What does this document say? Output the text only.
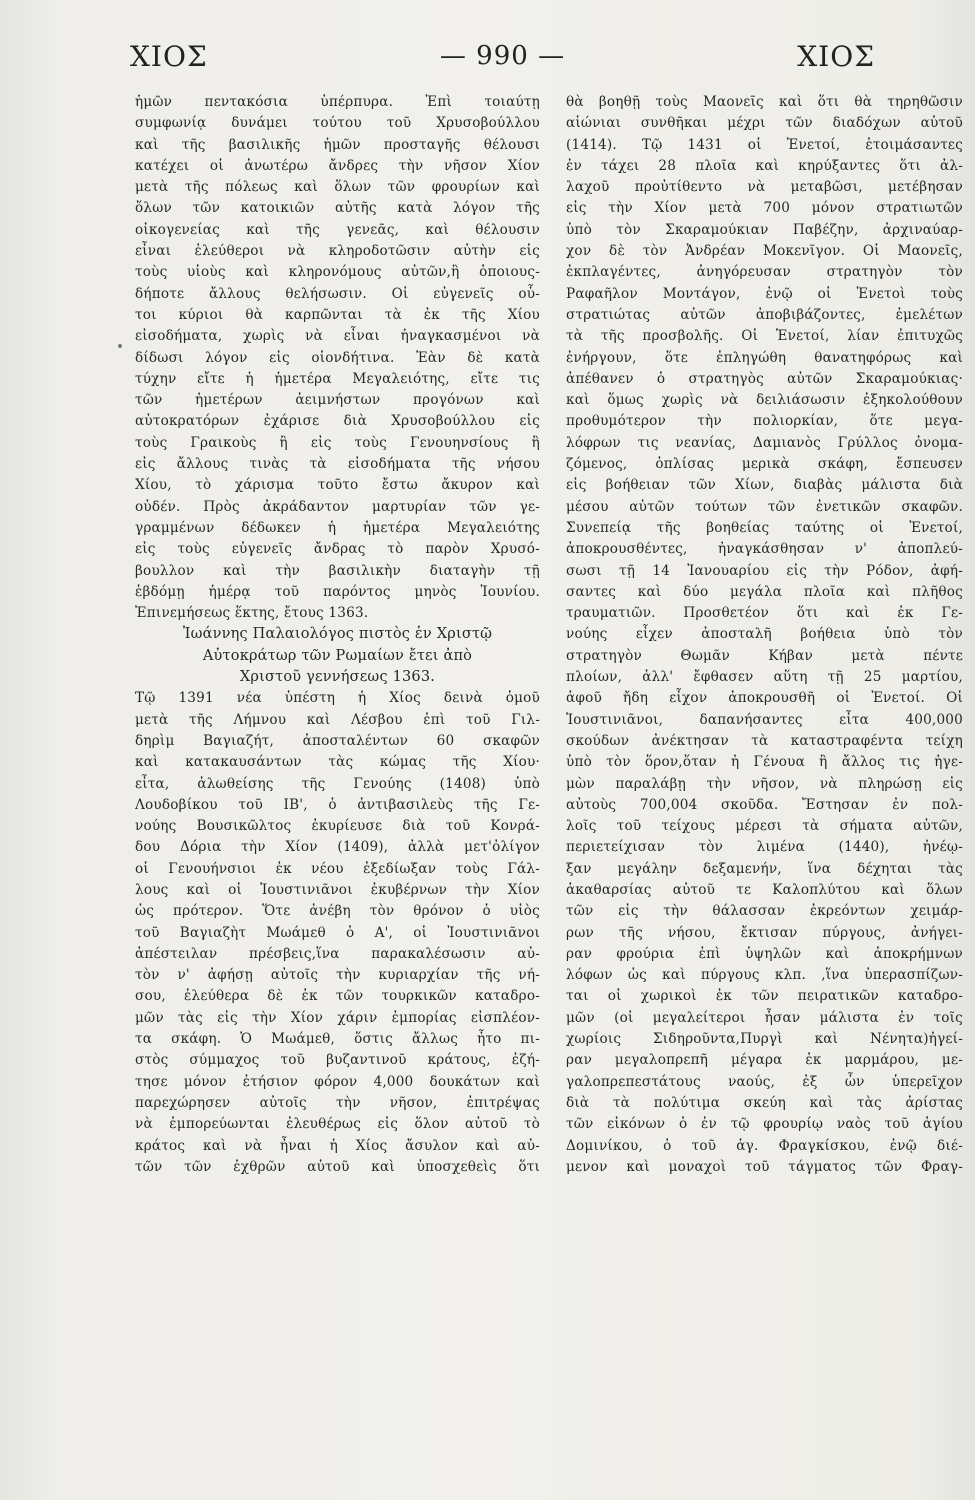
ΧΙΟΣ	— 990 —	ΧΙΟΣ
ἡμῶν πεντακόσια ὑπέρπυρα. Ἐπὶ τοιαύτῃ
συμφωνίᾳ δυνάμει τούτου τοῦ Χρυσοβούλλου
καὶ τῆς βασιλικῆς ἡμῶν προσταγῆς θέλουσι
κατέχει οἱ ἀνωτέρω ἄνδρες τὴν νῆσον Χίον
μετὰ τῆς πόλεως καὶ ὅλων τῶν φρουρίων καὶ
ὅλων τῶν κατοικιῶν αὐτῆς κατὰ λόγον τῆς
οἰκογενείας καὶ τῆς γενεᾶς, καὶ θέλουσιν
εἶναι ἐλεύθεροι νὰ κληροδοτῶσιν αὐτὴν εἰς
τοὺς υἱοὺς καὶ κληρονόμους αὐτῶν,ἢ ὁποιους-
δήποτε ἄλλους θελήσωσιν. Οἱ εὐγενεῖς οὗ-
τοι κύριοι θὰ καρπῶνται τὰ ἐκ τῆς Χίου
εἰσοδήματα, χωρὶς νὰ εἶναι ἠναγκασμένοι νὰ
δίδωσι λόγον εἰς οἱονδήτινα. Ἐὰν δὲ κατὰ
τύχην εἴτε ἡ ἡμετέρα Μεγαλειότης, εἴτε τις
τῶν ἡμετέρων ἀειμνήστων προγόνων καὶ
αὐτοκρατόρων ἐχάρισε διὰ Χρυσοβούλλου εἰς
τοὺς Γραικοὺς ἢ εἰς τοὺς Γενουηνσίους ἢ
εἰς ἄλλους τινὰς τὰ εἰσοδήματα τῆς νήσου
Χίου, τὸ χάρισμα τοῦτο ἔστω ἄκυρον καὶ
οὐδέν. Πρὸς ἀκράδαντον μαρτυρίαν τῶν γε-
γραμμένων δέδωκεν ἡ ἡμετέρα Μεγαλειότης
εἰς τοὺς εὐγενεῖς ἄνδρας τὸ παρὸν Χρυσό-
βουλλον καὶ τὴν βασιλικὴν διαταγὴν τῇ
ἑβδόμῃ ἡμέρᾳ τοῦ παρόντος μηνὸς Ἰουνίου.
Ἐπινεμήσεως ἕκτης, ἔτους 1363.
Ἰωάννης Παλαιολόγος πιστὸς ἐν Χριστῷ
Αὐτοκράτωρ τῶν Ρωμαίων ἔτει ἀπὸ
Χριστοῦ γεννήσεως 1363.
Τῷ 1391 νέα ὑπέστη ἡ Χίος δεινὰ ὁμοῦ
μετὰ τῆς Λήμνου καὶ Λέσβου ἐπὶ τοῦ Γιλ-
δηρὶμ Βαγιαζήτ, ἀποσταλέντων 60 σκαφῶν
καὶ κατακαυσάντων τὰς κώμας τῆς Χίου·
εἶτα, ἁλωθείσης τῆς Γενούης (1408) ὑπὸ
Λουδοβίκου τοῦ ΙΒ', ὁ ἀντιβασιλεὺς τῆς Γε-
νούης Βουσικῶλτος ἐκυρίευσε διὰ τοῦ Κονρά-
δου Δόρια τὴν Χίον (1409), ἀλλὰ μετ'ὀλίγον
οἱ Γενουήνσιοι ἐκ νέου ἐξεδίωξαν τοὺς Γάλ-
λους καὶ οἱ Ἰουστινιᾶνοι ἐκυβέρνων τὴν Χίον
ὡς πρότερον. Ὅτε ἀνέβη τὸν θρόνον ὁ υἱὸς
τοῦ Βαγιαζὴτ Μωάμεθ ὁ Α', οἱ Ἰουστινιᾶνοι
ἀπέστειλαν πρέσβεις,ἵνα παρακαλέσωσιν αὐ-
τὸν ν' ἀφήσῃ αὐτοῖς τὴν κυριαρχίαν τῆς νή-
σου, ἐλεύθερα δὲ ἐκ τῶν τουρκικῶν καταδρο-
μῶν τὰς εἰς τὴν Χίον χάριν ἐμπορίας εἰσπλέον-
τα σκάφη. Ὁ Μωάμεθ, ὅστις ἄλλως ἦτο πι-
στὸς σύμμαχος τοῦ βυζαντινοῦ κράτους, ἐζή-
τησε μόνον ἐτήσιον φόρον 4,000 δουκάτων καὶ
παρεχώρησεν αὐτοῖς τὴν νῆσον, ἐπιτρέψας
νὰ ἐμπορεύωνται ἐλευθέρως εἰς ὅλον αὐτοῦ τὸ
κράτος καὶ νὰ ἦναι ἡ Χίος ἄσυλον καὶ αὐ-
τῶν τῶν ἐχθρῶν αὐτοῦ καὶ ὑποσχεθεὶς ὅτι
θὰ βοηθῇ τοὺς Μαονεῖς καὶ ὅτι θὰ τηρηθῶσιν
αἰώνιαι συνθῆκαι μέχρι τῶν διαδόχων αὐτοῦ
(1414). Τῷ 1431 οἱ Ἐνετοί, ἑτοιμάσαντες
ἐν τάχει 28 πλοῖα καὶ κηρύξαντες ὅτι ἀλ-
λαχοῦ προὐτίθεντο νὰ μεταβῶσι, μετέβησαν
εἰς τὴν Χίον μετὰ 700 μόνον στρατιωτῶν
ὑπὸ τὸν Σκαραμούκιαν Παβέζην, ἀρχιναύαρ-
χον δὲ τὸν Ἀνδρέαν Μοκενῖγον. Οἱ Μαονεῖς,
ἐκπλαγέντες, ἀνηγόρευσαν στρατηγὸν τὸν
Ραφαῆλον Μοντάγον, ἐνῷ οἱ Ἐνετοὶ τοὺς
στρατιώτας αὐτῶν ἀποβιβάζοντες, ἐμελέτων
τὰ τῆς προσβολῆς. Οἱ Ἐνετοί, λίαν ἐπιτυχῶς
ἐνήργουν, ὅτε ἐπληγώθη θανατηφόρως καὶ
ἀπέθανεν ὁ στρατηγὸς αὐτῶν Σκαραμούκιας·
καὶ ὅμως χωρὶς νὰ δειλιάσωσιν ἐξηκολούθουν
προθυμότερον τὴν πολιορκίαν, ὅτε μεγα-
λόφρων τις νεανίας, Δαμιανὸς Γρύλλος ὀνομα-
ζόμενος, ὁπλίσας μερικὰ σκάφη, ἔσπευσεν
εἰς βοήθειαν τῶν Χίων, διαβὰς μάλιστα διὰ
μέσου αὐτῶν τούτων τῶν ἐνετικῶν σκαφῶν.
Συνεπείᾳ τῆς βοηθείας ταύτης οἱ Ἐνετοί,
ἀποκρουσθέντες, ἠναγκάσθησαν ν' ἀποπλεύ-
σωσι τῇ 14 Ἰανουαρίου εἰς τὴν Ρόδον, ἀφή-
σαντες καὶ δύο μεγάλα πλοῖα καὶ πλῆθος
τραυματιῶν. Προσθετέον ὅτι καὶ ἐκ Γε-
νούης εἶχεν ἀποσταλῆ βοήθεια ὑπὸ τὸν
στρατηγὸν Θωμᾶν Κήβαν μετὰ πέντε
πλοίων, ἀλλ' ἔφθασεν αὕτη τῇ 25 μαρτίου,
ἀφοῦ ἤδη εἶχον ἀποκρουσθῆ οἱ Ἐνετοί. Οἱ
Ἰουστινιᾶνοι, δαπανήσαντες εἶτα 400,000
σκούδων ἀνέκτησαν τὰ καταστραφέντα τείχη
ὑπὸ τὸν ὅρον,ὅταν ἡ Γένουα ἢ ἄλλος τις ἡγε-
μὼν παραλάβῃ τὴν νῆσον, νὰ πληρώσῃ εἰς
αὐτοὺς 700,004 σκοῦδα. Ἔστησαν ἐν πολ-
λοῖς τοῦ τείχους μέρεσι τὰ σήματα αὐτῶν,
περιετείχισαν τὸν λιμένα (1440), ἠνέῳ-
ξαν μεγάλην δεξαμενήν, ἵνα δέχηται τὰς
ἀκαθαρσίας αὐτοῦ τε Καλοπλύτου καὶ ὅλων
τῶν εἰς τὴν θάλασσαν ἐκρεόντων χειμάρ-
ρων τῆς νήσου, ἔκτισαν πύργους, ἀνήγει-
ραν φρούρια ἐπὶ ὑψηλῶν καὶ ἀποκρήμνων
λόφων ὡς καὶ πύργους κλπ. ,ἵνα ὑπερασπίζων-
ται οἱ χωρικοὶ ἐκ τῶν πειρατικῶν καταδρο-
μῶν (οἱ μεγαλείτεροι ἦσαν μάλιστα ἐν τοῖς
χωρίοις Σιδηροῦντα,Πυργὶ καὶ Νένητα)ἠγεί-
ραν μεγαλοπρεπῆ μέγαρα ἐκ μαρμάρου, με-
γαλοπρεπεστάτους ναούς, ἐξ ὧν ὑπερεῖχον
διὰ τὰ πολύτιμα σκεύη καὶ τὰς ἀρίστας
τῶν εἰκόνων ὁ ἐν τῷ φρουρίῳ ναὸς τοῦ ἁγίου
Δομινίκου, ὁ τοῦ ἁγ. Φραγκίσκου, ἐνῷ διέ-
μενον καὶ μοναχοὶ τοῦ τάγματος τῶν Φραγ-
